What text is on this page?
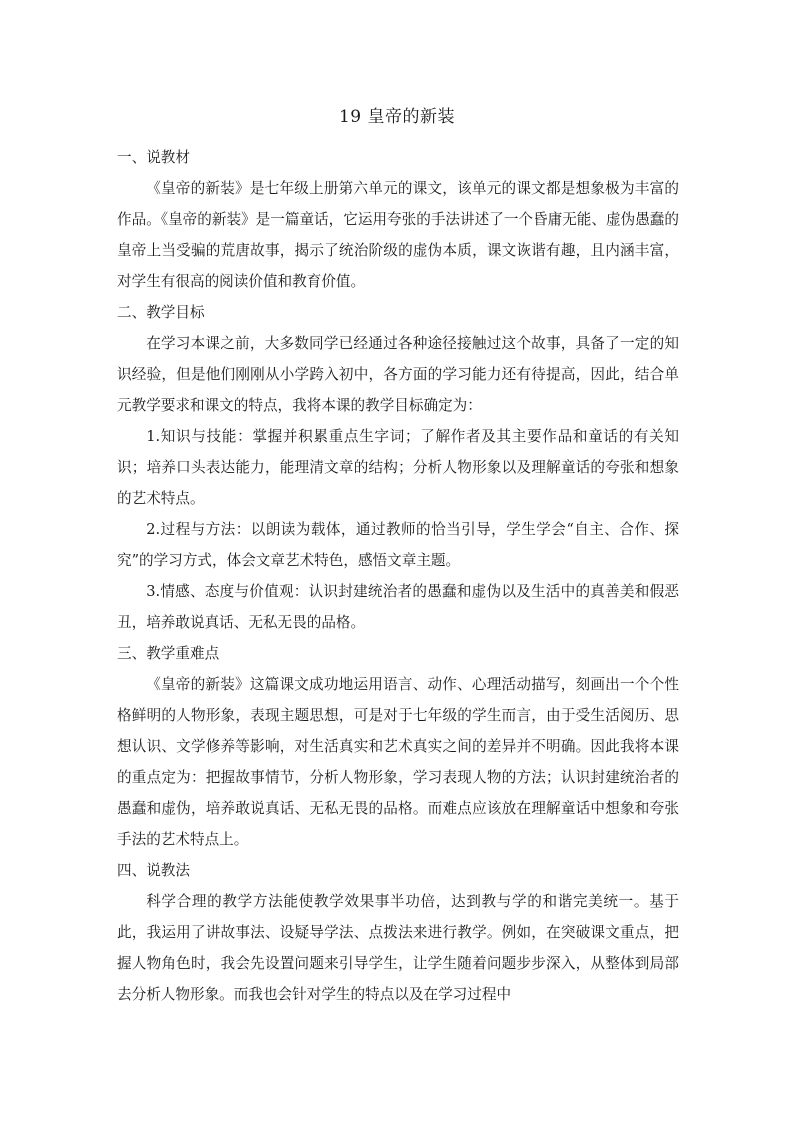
19 皇帝的新装

一、说教材

《皇帝的新装》是七年级上册第六单元的课文，该单元的课文都是想象极为丰富的作品。《皇帝的新装》是一篇童话，它运用夸张的手法讲述了一个昏庸无能、虚伪愚蠢的皇帝上当受骗的荒唐故事，揭示了统治阶级的虚伪本质，课文诙谐有趣，且内涵丰富，对学生有很高的阅读价值和教育价值。

二、教学目标

在学习本课之前，大多数同学已经通过各种途径接触过这个故事，具备了一定的知识经验，但是他们刚刚从小学跨入初中，各方面的学习能力还有待提高，因此，结合单元教学要求和课文的特点，我将本课的教学目标确定为：

1.知识与技能：掌握并积累重点生字词；了解作者及其主要作品和童话的有关知识；培养口头表达能力，能理清文章的结构；分析人物形象以及理解童话的夸张和想象的艺术特点。

2.过程与方法：以朗读为载体，通过教师的恰当引导，学生学会“自主、合作、探究”的学习方式，体会文章艺术特色，感悟文章主题。

3.情感、态度与价值观：认识封建统治者的愚蠢和虚伪以及生活中的真善美和假恶丑，培养敢说真话、无私无畏的品格。

三、教学重难点

《皇帝的新装》这篇课文成功地运用语言、动作、心理活动描写，刻画出一个个性格鲜明的人物形象，表现主题思想，可是对于七年级的学生而言，由于受生活阅历、思想认识、文学修养等影响，对生活真实和艺术真实之间的差异并不明确。因此我将本课的重点定为：把握故事情节，分析人物形象，学习表现人物的方法；认识封建统治者的愚蠢和虚伪，培养敢说真话、无私无畏的品格。而难点应该放在理解童话中想象和夸张手法的艺术特点上。

四、说教法

科学合理的教学方法能使教学效果事半功倍，达到教与学的和谐完美统一。基于此，我运用了讲故事法、设疑导学法、点拨法来进行教学。例如，在突破课文重点，把握人物角色时，我会先设置问题来引导学生，让学生随着问题步步深入，从整体到局部去分析人物形象。而我也会针对学生的特点以及在学习过程中
